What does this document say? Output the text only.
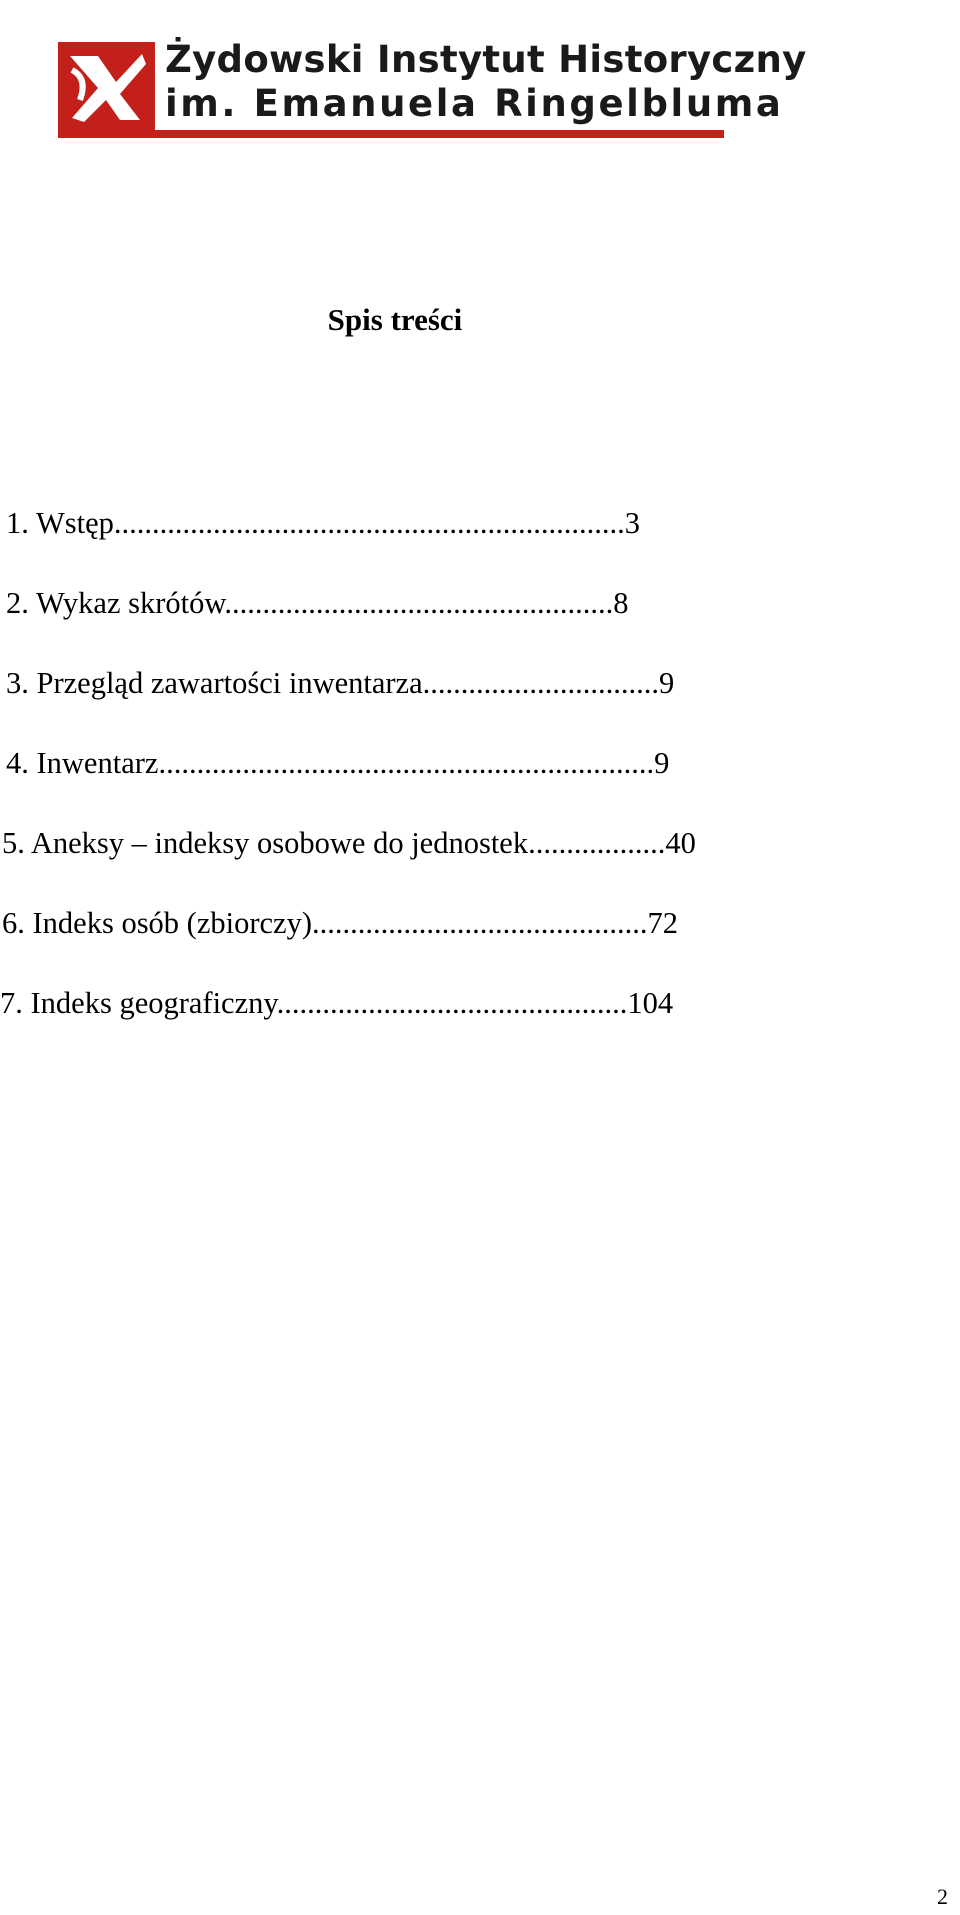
Żydowski Instytut Historyczny
im. Emanuela Ringelbluma
Spis treści
1. Wstęp...................................................................3
2. Wykaz skrótów...................................................8
3. Przegląd zawartości inwentarza...............................9
4. Inwentarz.................................................................9
5. Aneksy – indeksy osobowe do jednostek..................40
6. Indeks osób (zbiorczy)............................................72
7. Indeks geograficzny..............................................104
2
